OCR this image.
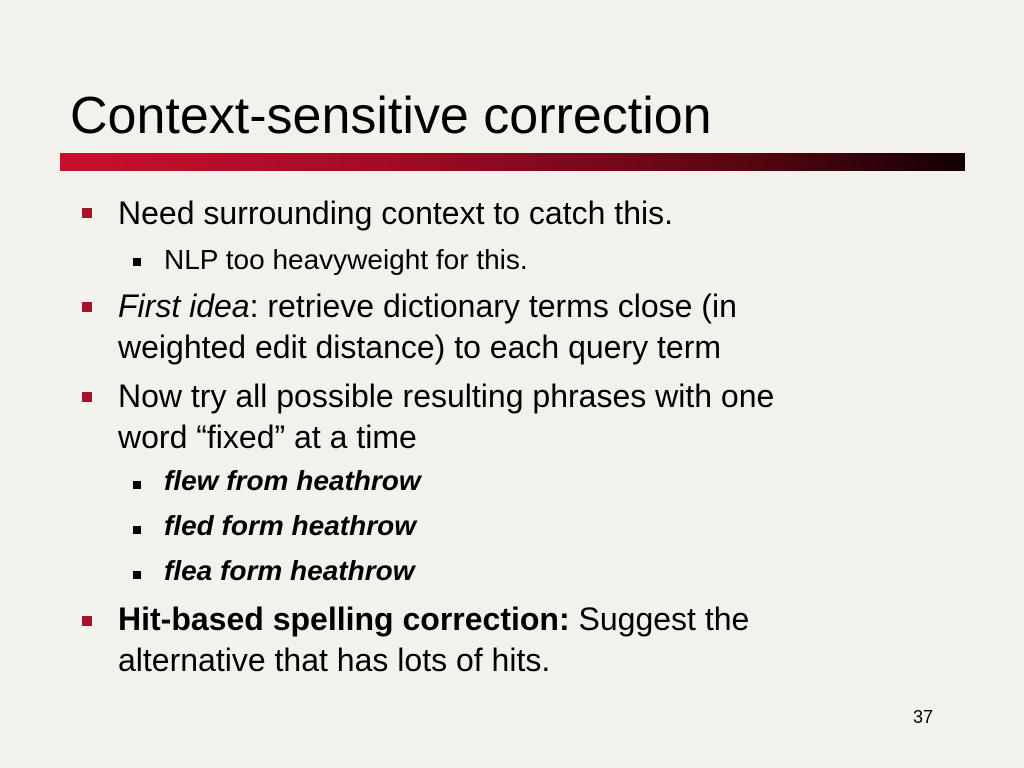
Context-sensitive correction
Need surrounding context to catch this.
NLP too heavyweight for this.
First idea: retrieve dictionary terms close (in
weighted edit distance) to each query term
Now try all possible resulting phrases with one
word “fixed” at a time
flew from heathrow
fled form heathrow
flea form heathrow
Hit-based spelling correction: Suggest the
alternative that has lots of hits.
37
